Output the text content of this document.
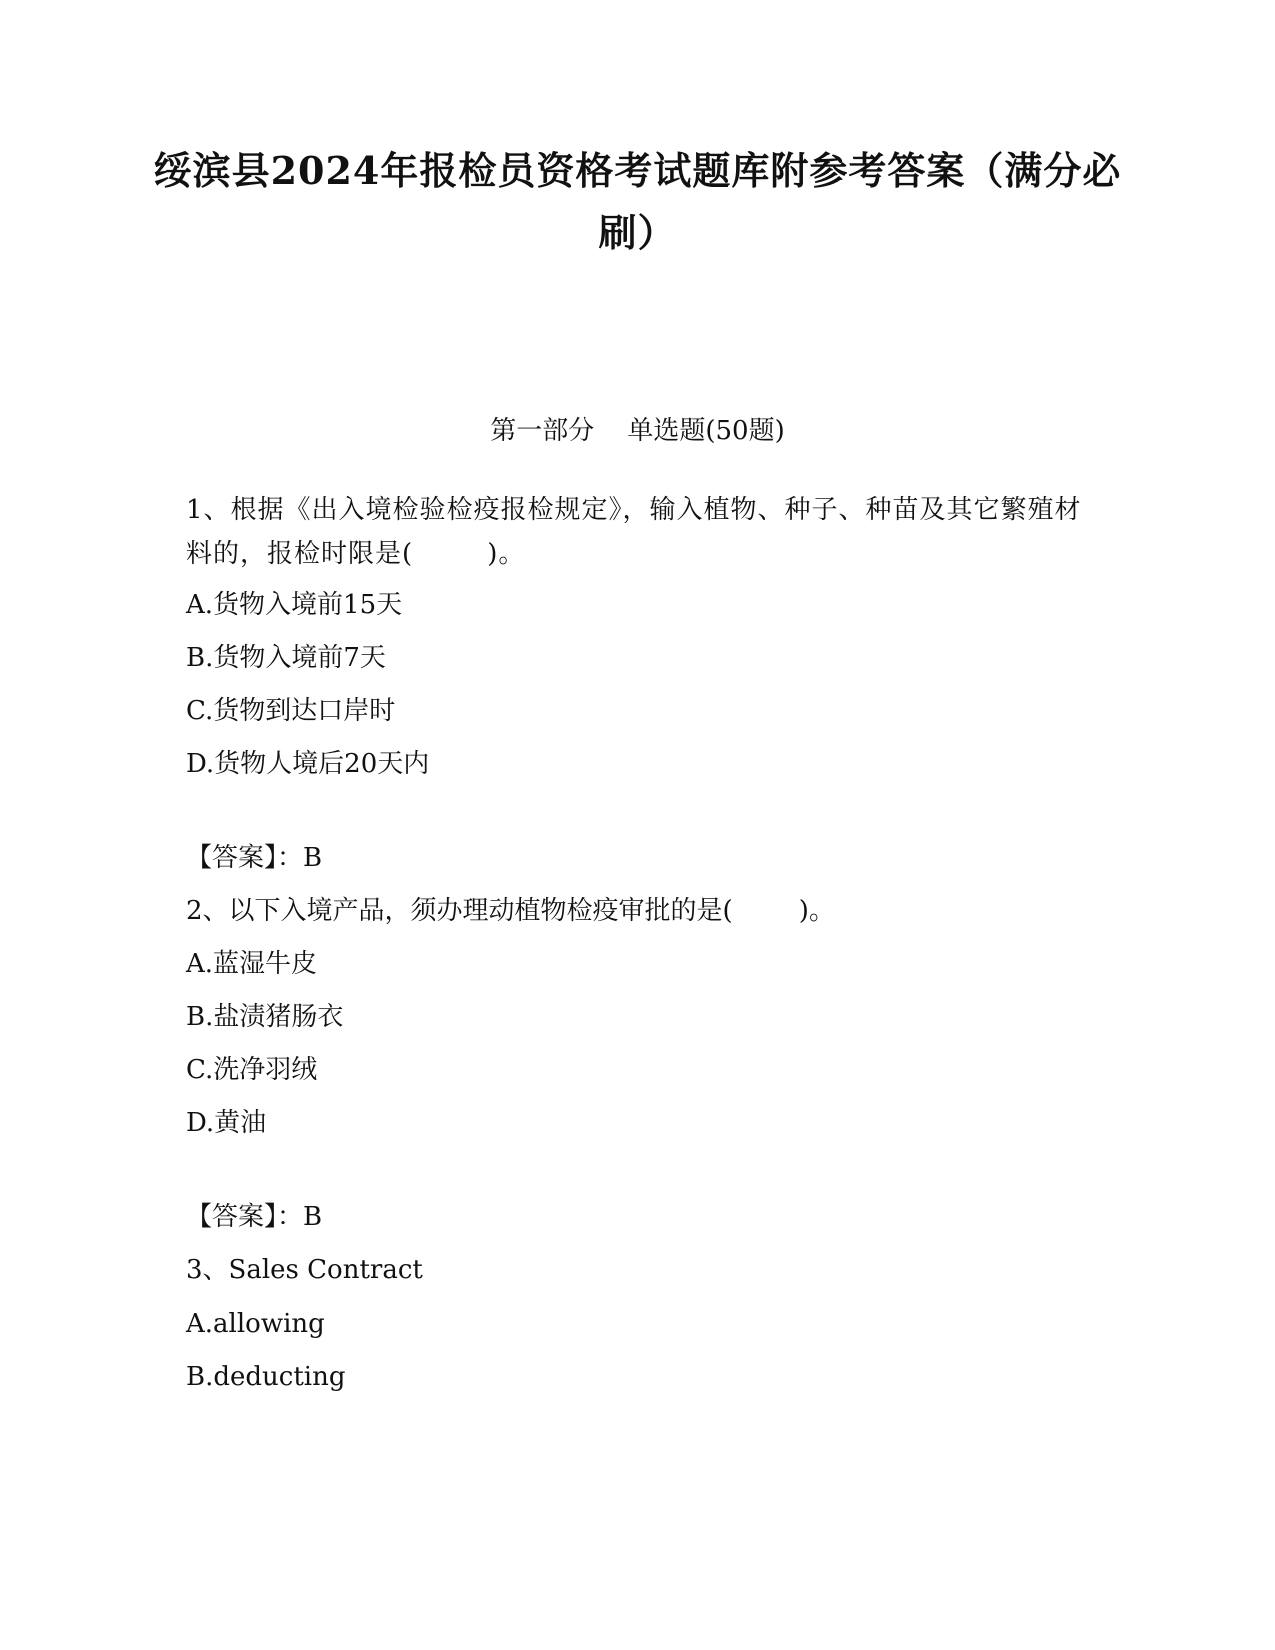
绥滨县2024年报检员资格考试题库附参考答案（满分必刷）
第一部分    单选题(50题)
1、根据《出入境检验检疫报检规定》，输入植物、种子、种苗及其它繁殖材料的，报检时限是(        )。
A.货物入境前15天
B.货物入境前7天
C.货物到达口岸时
D.货物人境后20天内
【答案】：B
2、以下入境产品，须办理动植物检疫审批的是(        )。
A.蓝湿牛皮
B.盐渍猪肠衣
C.洗净羽绒
D.黄油
【答案】：B
3、Sales Contract
A.allowing
B.deducting
